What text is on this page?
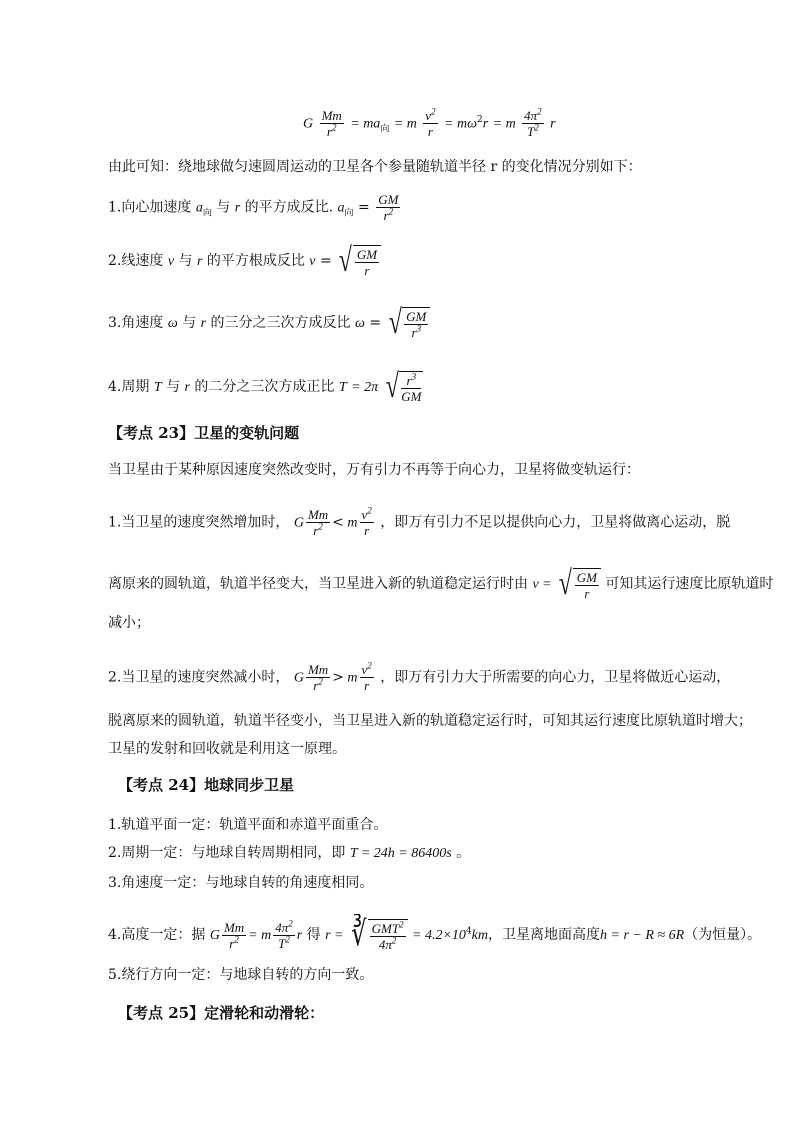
G $\frac{Mm}{r^2} = ma_向 = m \frac{v^2}{r} = m\omega^2r = m \frac{4\pi^2}{T^2}$ r
由此可知：绕地球做匀速圆周运动的卫星各个参量随轨道半径 r 的变化情况分别如下：
1.向心加速度 $a_向$ 与 r 的平方成反比. $a_向 = \frac{GM}{r^2}$
2.线速度 v 与 r 的平方根成反比 v = √ $\frac{GM}{r}$
3.角速度 ω 与 r 的三分之三次方成反比 ω = √ $\frac{GM}{r^3}$
4.周期 T 与 r 的二分之三次方成正比 T = 2π √ $\frac{r^3}{GM}$
【考点 23】卫星的变轨问题
当卫星由于某种原因速度突然改变时，万有引力不再等于向心力，卫星将做变轨运行：
1.当卫星的速度突然增加时， G $\frac{Mm}{r^2} < m \frac{v^2}{r}$ ，即万有引力不足以提供向心力，卫星将做离心运动，脱
离原来的圆轨道，轨道半径变大，当卫星进入新的轨道稳定运行时由 v = √ $\frac{GM}{r}$ 可知其运行速度比原轨道时
减小；
2.当卫星的速度突然减小时， G $\frac{Mm}{r^2} > m \frac{v^2}{r}$ ，即万有引力大于所需要的向心力，卫星将做近心运动，
脱离原来的圆轨道，轨道半径变小，当卫星进入新的轨道稳定运行时，可知其运行速度比原轨道时增大；
卫星的发射和回收就是利用这一原理。
【考点 24】地球同步卫星
1.轨道平面一定：轨道平面和赤道平面重合。
2.周期一定：与地球自转周期相同，即 T = 24h = 86400s 。
3.角速度一定：与地球自转的角速度相同。
4.高度一定：据 G $\frac{Mm}{r^2} = m \frac{4\pi^2}{T^2}$ r 得 r = ∛ GMT$^2$
$4\pi^2$	= $4.2\times 10^4km$，卫星离地面高度h = r − R ≈ 6R（为恒量）。
5.绕行方向一定：与地球自转的方向一致。
【考点 25】定滑轮和动滑轮：
